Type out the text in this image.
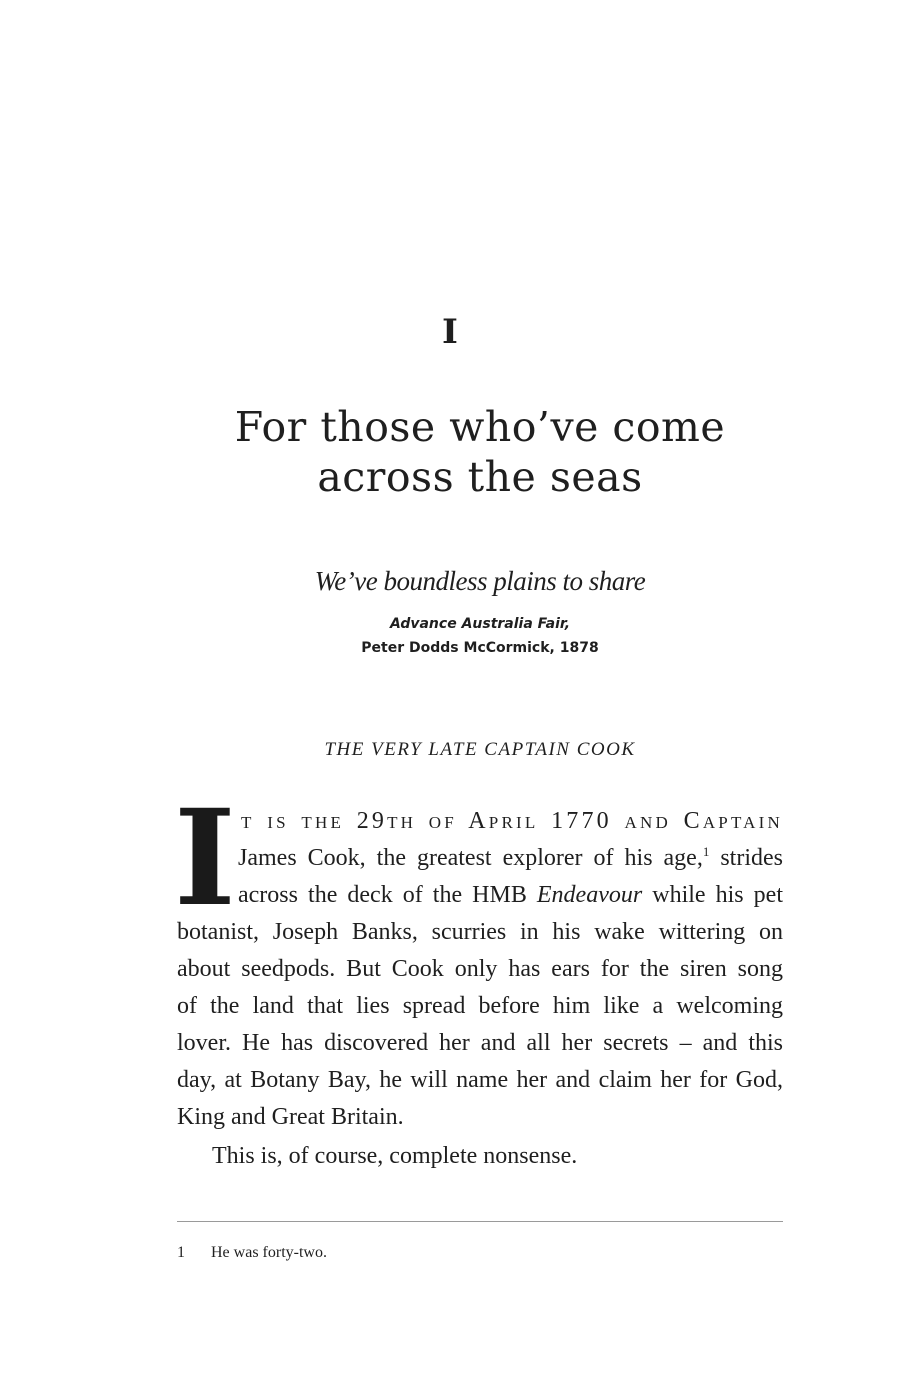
I
For those who’ve come
across the seas
We’ve boundless plains to share
Advance Australia Fair,
Peter Dodds McCormick, 1878
THE VERY LATE CAPTAIN COOK
I t is the 29th of April 1770 and Captain
James Cook, the greatest explorer of his age,$^1$ strides
across the deck of the HMB Endeavour while his pet
botanist, Joseph Banks, scurries in his wake wittering on
about seedpods. But Cook only has ears for the siren song
of the land that lies spread before him like a welcoming
lover. He has discovered her and all her secrets – and this
day, at Botany Bay, he will name her and claim her for God,
King and Great Britain.
This is, of course, complete nonsense.
1 He was forty-two.
